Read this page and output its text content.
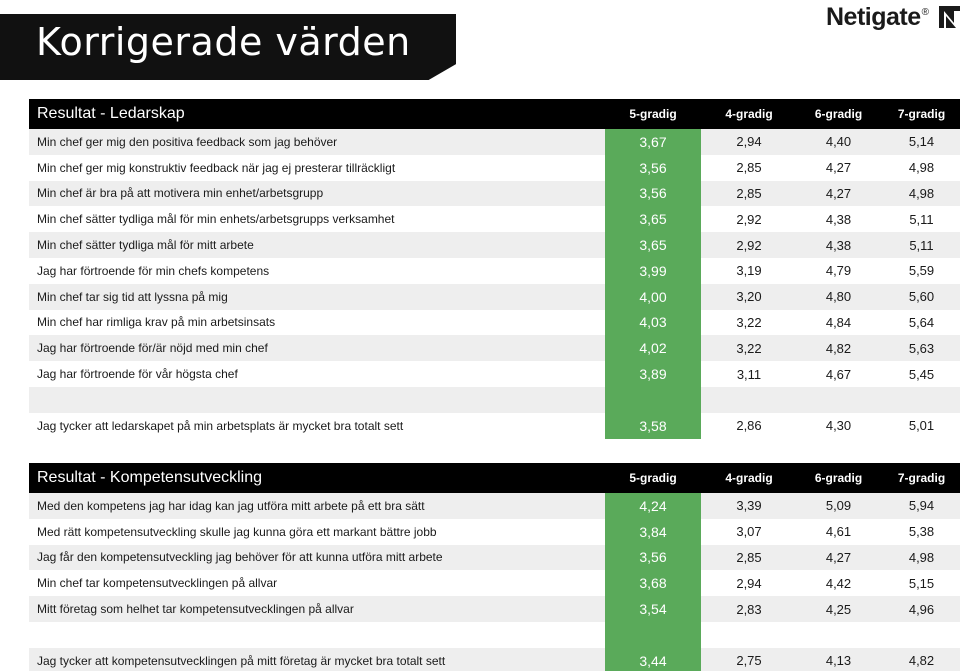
Korrigerade värden
Netigate ®
Resultat - Ledarskap	5-gradig	4-gradig	6-gradig	7-gradig
Min chef ger mig den positiva feedback som jag behöver	3,67	2,94	4,40	5,14
Min chef ger mig konstruktiv feedback när jag ej presterar tillräckligt	3,56	2,85	4,27	4,98
Min chef är bra på att motivera min enhet/arbetsgrupp	3,56	2,85	4,27	4,98
Min chef sätter tydliga mål för min enhets/arbetsgrupps verksamhet	3,65	2,92	4,38	5,11
Min chef sätter tydliga mål för mitt arbete	3,65	2,92	4,38	5,11
Jag har förtroende för min chefs kompetens	3,99	3,19	4,79	5,59
Min chef tar sig tid att lyssna på mig	4,00	3,20	4,80	5,60
Min chef har rimliga krav på min arbetsinsats	4,03	3,22	4,84	5,64
Jag har förtroende för/är nöjd med min chef	4,02	3,22	4,82	5,63
Jag har förtroende för vår högsta chef	3,89	3,11	4,67	5,45

Jag tycker att ledarskapet på min arbetsplats är mycket bra totalt sett	3,58	2,86	4,30	5,01
Resultat - Kompetensutveckling	5-gradig	4-gradig	6-gradig	7-gradig
Med den kompetens jag har idag kan jag utföra mitt arbete på ett bra sätt	4,24	3,39	5,09	5,94
Med rätt kompetensutveckling skulle jag kunna göra ett markant bättre jobb	3,84	3,07	4,61	5,38
Jag får den kompetensutveckling jag behöver för att kunna utföra mitt arbete	3,56	2,85	4,27	4,98
Min chef tar kompetensutvecklingen på allvar	3,68	2,94	4,42	5,15
Mitt företag som helhet tar kompetensutvecklingen på allvar	3,54	2,83	4,25	4,96

Jag tycker att kompetensutvecklingen på mitt företag är mycket bra totalt sett	3,44	2,75	4,13	4,82
